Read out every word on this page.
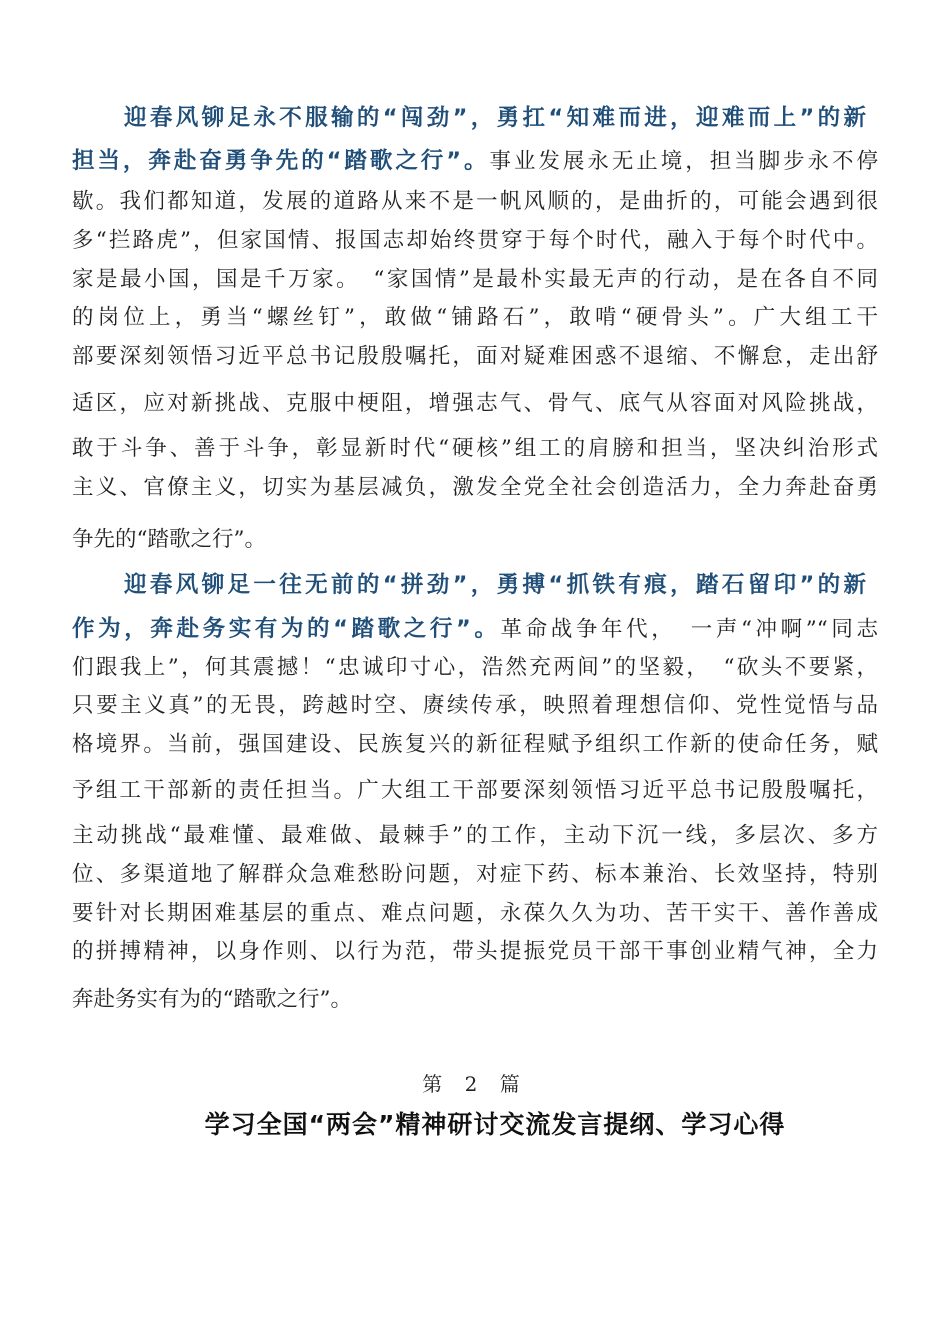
迎春风铆足永不服输的“闯劲”，勇扛“知难而进，迎难而上”的新
担当，奔赴奋勇争先的“踏歌之行”。事业发展永无止境，担当脚步永不停
歇。我们都知道，发展的道路从来不是一帆风顺的，是曲折的，可能会遇到很
多“拦路虎”，但家国情、报国志却始终贯穿于每个时代，融入于每个时代中。
家是最小国，国是千万家。　“家国情”是最朴实最无声的行动，是在各自不同
的岗位上，勇当“螺丝钉”，敢做“铺路石”，敢啃“硬骨头”。广大组工干
部要深刻领悟习近平总书记殷殷嘱托，面对疑难困惑不退缩、不懈怠，走出舒
适区，应对新挑战、克服中梗阻，增强志气、骨气、底气从容面对风险挑战，
敢于斗争、善于斗争，彰显新时代“硬核”组工的肩膀和担当，坚决纠治形式
主义、官僚主义，切实为基层减负，激发全党全社会创造活力，全力奔赴奋勇
争先的“踏歌之行”。
迎春风铆足一往无前的“拼劲”，勇搏“抓铁有痕，踏石留印”的新
作为，奔赴务实有为的“踏歌之行”。革命战争年代，　一声“冲啊”“同志
们跟我上”，何其震撼！“忠诚印寸心，浩然充两间”的坚毅，　“砍头不要紧，
只要主义真”的无畏，跨越时空、赓续传承，映照着理想信仰、党性觉悟与品
格境界。当前，强国建设、民族复兴的新征程赋予组织工作新的使命任务，赋
予组工干部新的责任担当。广大组工干部要深刻领悟习近平总书记殷殷嘱托，
主动挑战“最难懂、最难做、最棘手”的工作，主动下沉一线，多层次、多方
位、多渠道地了解群众急难愁盼问题，对症下药、标本兼治、长效坚持，特别
要针对长期困难基层的重点、难点问题，永葆久久为功、苦干实干、善作善成
的拼搏精神，以身作则、以行为范，带头提振党员干部干事创业精气神，全力
奔赴务实有为的“踏歌之行”。
第 2 篇
学习全国“两会”精神研讨交流发言提纲、学习心得
